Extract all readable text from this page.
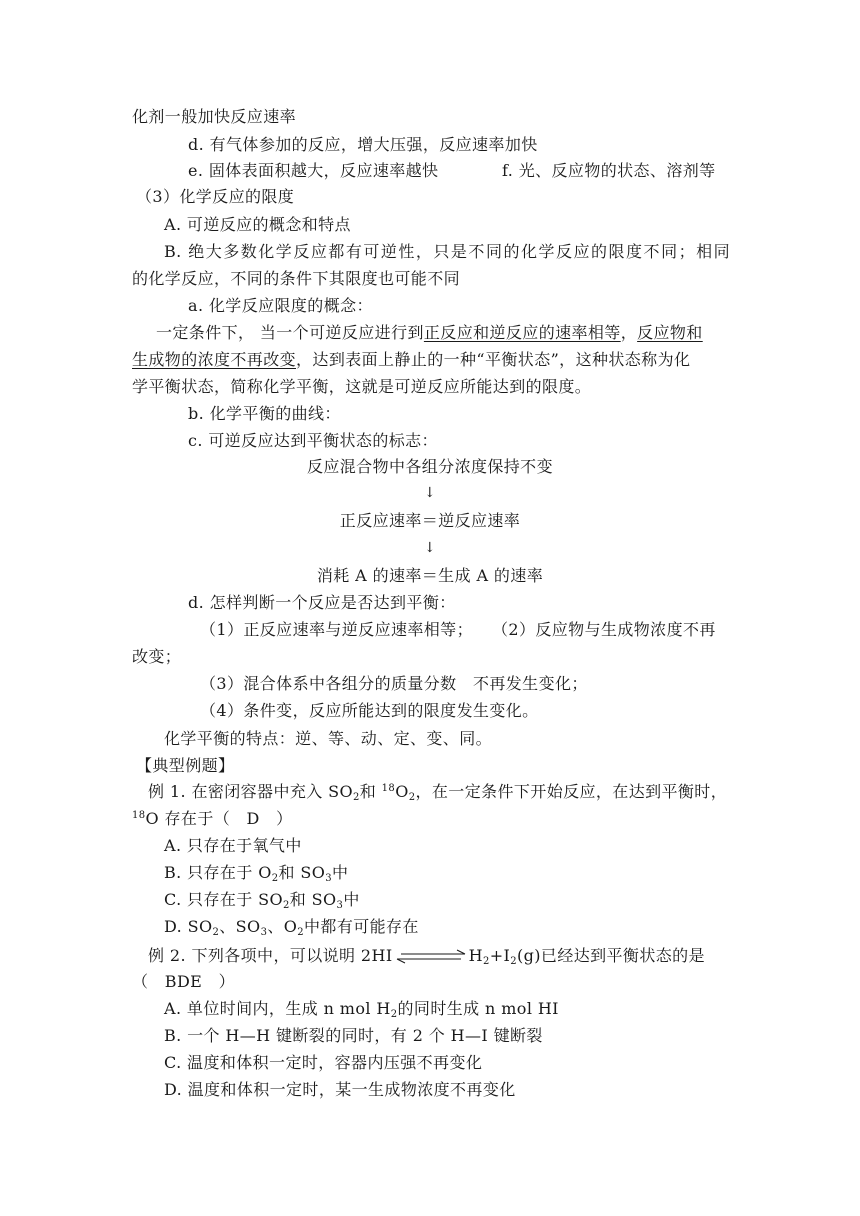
化剂一般加快反应速率
d. 有气体参加的反应，增大压强，反应速率加快
e. 固体表面积越大，反应速率越快	f. 光、反应物的状态、溶剂等
（3）化学反应的限度
A. 可逆反应的概念和特点
B. 绝大多数化学反应都有可逆性，只是不同的化学反应的限度不同；相同
的化学反应，不同的条件下其限度也可能不同
a. 化学反应限度的概念：
一定条件下， 当一个可逆反应进行到正反应和逆反应的速率相等，反应物和
生成物的浓度不再改变，达到表面上静止的一种“平衡状态”，这种状态称为化
学平衡状态，简称化学平衡，这就是可逆反应所能达到的限度。
b. 化学平衡的曲线：
c. 可逆反应达到平衡状态的标志：
反应混合物中各组分浓度保持不变
↓
正反应速率＝逆反应速率
↓
消耗 A 的速率＝生成 A 的速率
d. 怎样判断一个反应是否达到平衡：
（1）正反应速率与逆反应速率相等； （2）反应物与生成物浓度不再
改变；
（3）混合体系中各组分的质量分数　不再发生变化；
（4）条件变，反应所能达到的限度发生变化。
化学平衡的特点：逆、等、动、定、变、同。
【典型例题】
例 1. 在密闭容器中充入 $SO_2$和 $^{18}O_2$，在一定条件下开始反应，在达到平衡时，
$^{18}$O 存在于（　D　）
A. 只存在于氧气中
B. 只存在于 $O_2$和 $SO_3$中
C. 只存在于 $SO_2$和 $SO_3$中
D. $SO_2$、$SO_3$、$O_2$中都有可能存在
例 2. 下列各项中，可以说明 2HI	$H_2+I_2(g)$已经达到平衡状态的是
（　BDE　）
A. 单位时间内，生成 n mol $H_2$的同时生成 n mol HI
B. 一个 H—H 键断裂的同时，有 2 个 H—I 键断裂
C. 温度和体积一定时，容器内压强不再变化
D. 温度和体积一定时，某一生成物浓度不再变化
